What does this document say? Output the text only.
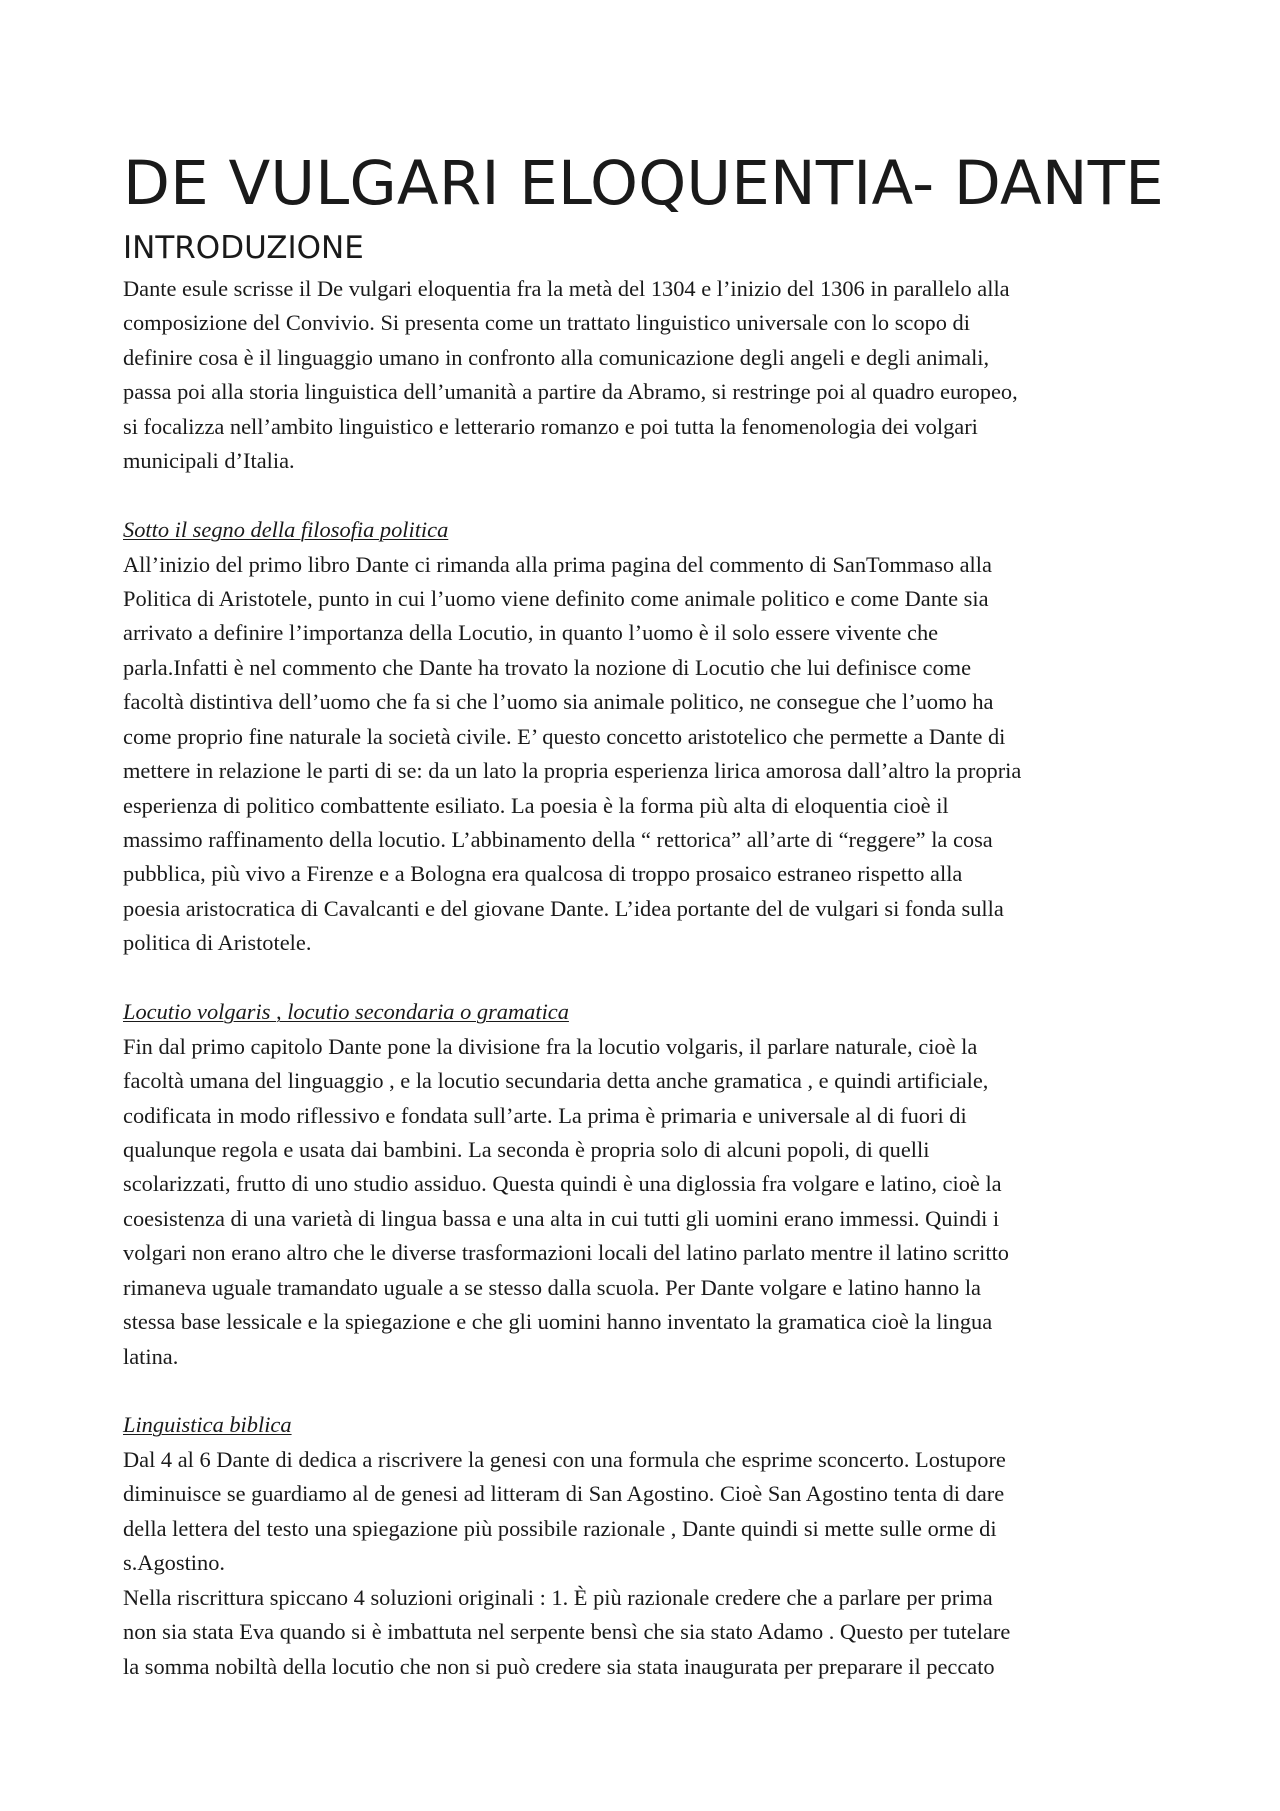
DE VULGARI ELOQUENTIA- DANTE
INTRODUZIONE
Dante esule scrisse il De vulgari eloquentia fra la metà del 1304 e l’inizio del 1306 in parallelo alla
composizione del Convivio. Si presenta come un trattato linguistico universale con lo scopo di
definire cosa è il linguaggio umano in confronto alla comunicazione degli angeli e degli animali,
passa poi alla storia linguistica dell’umanità a partire da Abramo, si restringe poi al quadro europeo,
si focalizza nell’ambito linguistico e letterario romanzo e poi tutta la fenomenologia dei volgari
municipali d’Italia.
Sotto il segno della filosofia politica
All’inizio del primo libro Dante ci rimanda alla prima pagina del commento di SanTommaso alla
Politica di Aristotele, punto in cui l’uomo viene definito come animale politico e come Dante sia
arrivato a definire l’importanza della Locutio, in quanto l’uomo è il solo essere vivente che
parla.Infatti è nel commento che Dante ha trovato la nozione di Locutio che lui definisce come
facoltà distintiva dell’uomo che fa si che l’uomo sia animale politico, ne consegue che l’uomo ha
come proprio fine naturale la società civile. E’ questo concetto aristotelico che permette a Dante di
mettere in relazione le parti di se: da un lato la propria esperienza lirica amorosa dall’altro la propria
esperienza di politico combattente esiliato. La poesia è la forma più alta di eloquentia cioè il
massimo raffinamento della locutio. L’abbinamento della “ rettorica” all’arte di “reggere” la cosa
pubblica, più vivo a Firenze e a Bologna era qualcosa di troppo prosaico estraneo rispetto alla
poesia aristocratica di Cavalcanti e del giovane Dante. L’idea portante del de vulgari si fonda sulla
politica di Aristotele.
Locutio volgaris , locutio secondaria o gramatica
Fin dal primo capitolo Dante pone la divisione fra la locutio volgaris, il parlare naturale, cioè la
facoltà umana del linguaggio , e la locutio secundaria detta anche gramatica , e quindi artificiale,
codificata in modo riflessivo e fondata sull’arte. La prima è primaria e universale al di fuori di
qualunque regola e usata dai bambini. La seconda è propria solo di alcuni popoli, di quelli
scolarizzati, frutto di uno studio assiduo. Questa quindi è una diglossia fra volgare e latino, cioè la
coesistenza di una varietà di lingua bassa e una alta in cui tutti gli uomini erano immessi. Quindi i
volgari non erano altro che le diverse trasformazioni locali del latino parlato mentre il latino scritto
rimaneva uguale tramandato uguale a se stesso dalla scuola. Per Dante volgare e latino hanno la
stessa base lessicale e la spiegazione e che gli uomini hanno inventato la gramatica cioè la lingua
latina.
Linguistica biblica
Dal 4 al 6 Dante di dedica a riscrivere la genesi con una formula che esprime sconcerto. Lostupore
diminuisce se guardiamo al de genesi ad litteram di San Agostino. Cioè San Agostino tenta di dare
della lettera del testo una spiegazione più possibile razionale , Dante quindi si mette sulle orme di
s.Agostino.
Nella riscrittura spiccano 4 soluzioni originali : 1. È più razionale credere che a parlare per prima
non sia stata Eva quando si è imbattuta nel serpente bensì che sia stato Adamo . Questo per tutelare
la somma nobiltà della locutio che non si può credere sia stata inaugurata per preparare il peccato
